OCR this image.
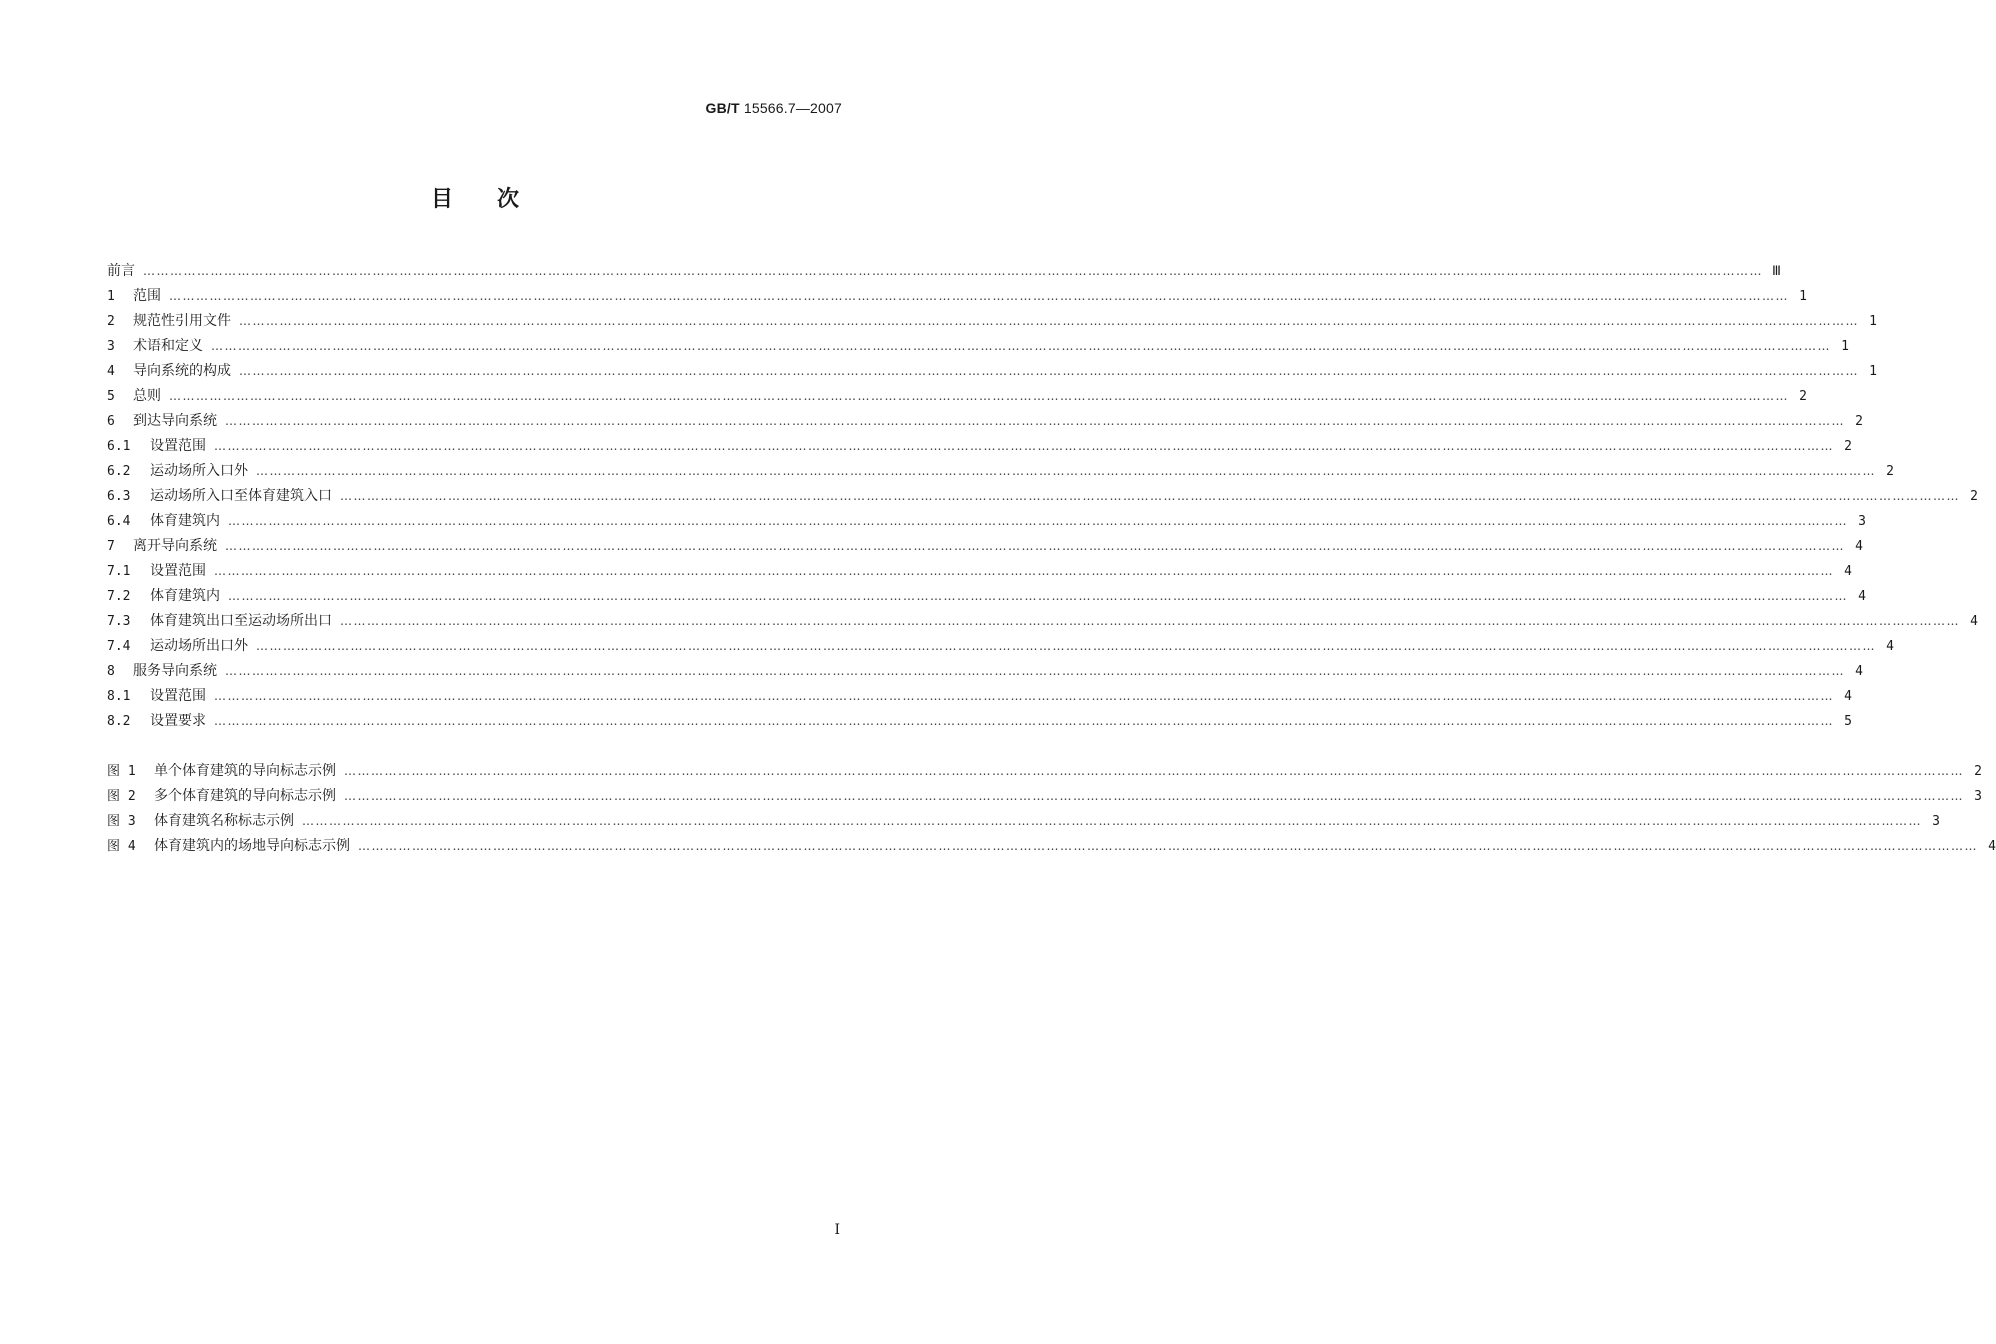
GB/T 15566.7—2007
目次
前言 ……………………………………………………………………………………………………………………………………………………………………………………………………………………………………………………………………………………………………………………………… Ⅲ
1	范围 ……………………………………………………………………………………………………………………………………………………………………………………………………………………………………………………………………………………………………………………………… 1
2	规范性引用文件 ……………………………………………………………………………………………………………………………………………………………………………………………………………………………………………………………………………………………………………………………… 1
3	术语和定义 ……………………………………………………………………………………………………………………………………………………………………………………………………………………………………………………………………………………………………………………………… 1
4	导向系统的构成 ……………………………………………………………………………………………………………………………………………………………………………………………………………………………………………………………………………………………………………………………… 1
5	总则 ……………………………………………………………………………………………………………………………………………………………………………………………………………………………………………………………………………………………………………………………… 2
6	到达导向系统 ……………………………………………………………………………………………………………………………………………………………………………………………………………………………………………………………………………………………………………………………… 2
6.1	设置范围 ……………………………………………………………………………………………………………………………………………………………………………………………………………………………………………………………………………………………………………………………… 2
6.2	运动场所入口外 ……………………………………………………………………………………………………………………………………………………………………………………………………………………………………………………………………………………………………………………………… 2
6.3	运动场所入口至体育建筑入口 ……………………………………………………………………………………………………………………………………………………………………………………………………………………………………………………………………………………………………………………………… 2
6.4	体育建筑内 ……………………………………………………………………………………………………………………………………………………………………………………………………………………………………………………………………………………………………………………………… 3
7	离开导向系统 ……………………………………………………………………………………………………………………………………………………………………………………………………………………………………………………………………………………………………………………………… 4
7.1	设置范围 ……………………………………………………………………………………………………………………………………………………………………………………………………………………………………………………………………………………………………………………………… 4
7.2	体育建筑内 ……………………………………………………………………………………………………………………………………………………………………………………………………………………………………………………………………………………………………………………………… 4
7.3	体育建筑出口至运动场所出口 ……………………………………………………………………………………………………………………………………………………………………………………………………………………………………………………………………………………………………………………………… 4
7.4	运动场所出口外 ……………………………………………………………………………………………………………………………………………………………………………………………………………………………………………………………………………………………………………………………… 4
8	服务导向系统 ……………………………………………………………………………………………………………………………………………………………………………………………………………………………………………………………………………………………………………………………… 4
8.1	设置范围 ……………………………………………………………………………………………………………………………………………………………………………………………………………………………………………………………………………………………………………………………… 4
8.2	设置要求 ……………………………………………………………………………………………………………………………………………………………………………………………………………………………………………………………………………………………………………………………… 5
图 1	单个体育建筑的导向标志示例 ……………………………………………………………………………………………………………………………………………………………………………………………………………………………………………………………………………………………………………………………… 2
图 2	多个体育建筑的导向标志示例 ……………………………………………………………………………………………………………………………………………………………………………………………………………………………………………………………………………………………………………………………… 3
图 3	体育建筑名称标志示例 ……………………………………………………………………………………………………………………………………………………………………………………………………………………………………………………………………………………………………………………………… 3
图 4	体育建筑内的场地导向标志示例 ……………………………………………………………………………………………………………………………………………………………………………………………………………………………………………………………………………………………………………………………… 4
I
